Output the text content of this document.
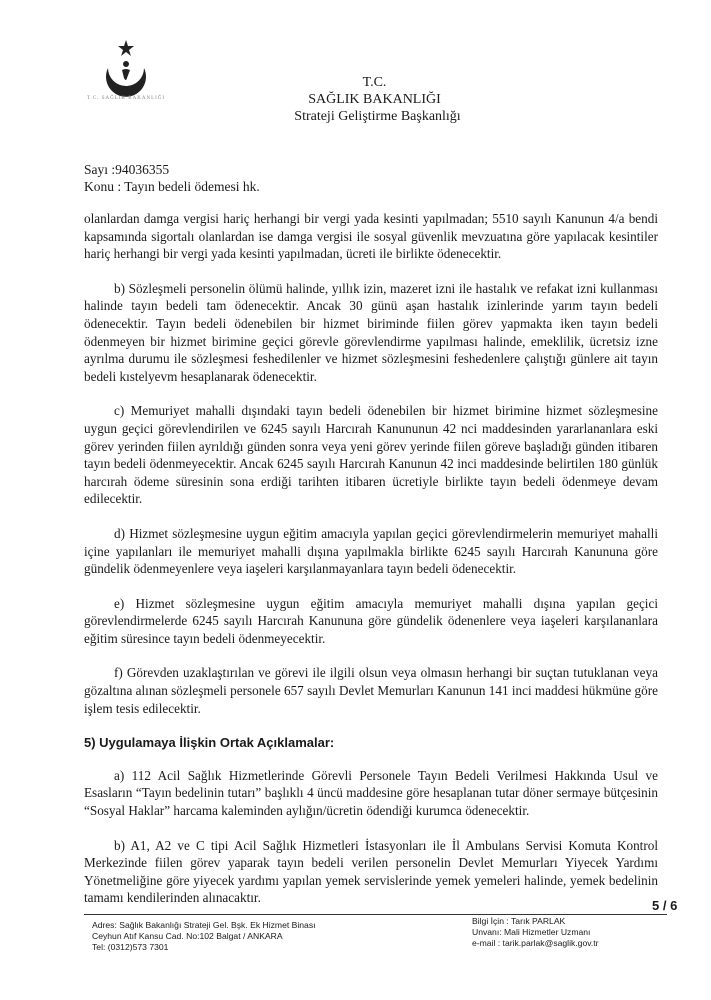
T.C. SAĞLIK BAKANLIĞI
T.C.
SAĞLIK BAKANLIĞI
Strateji Geliştirme Başkanlığı
Sayı :94036355
Konu : Tayın bedeli ödemesi hk.

olanlardan damga vergisi hariç herhangi bir vergi yada kesinti yapılmadan; 5510 sayılı Kanunun 4/a bendi kapsamında sigortalı olanlardan ise damga vergisi ile sosyal güvenlik mevzuatına göre yapılacak kesintiler hariç herhangi bir vergi yada kesinti yapılmadan, ücreti ile birlikte ödenecektir.

b) Sözleşmeli personelin ölümü halinde, yıllık izin, mazeret izni ile hastalık ve refakat izni kullanması halinde tayın bedeli tam ödenecektir. Ancak 30 günü aşan hastalık izinlerinde yarım tayın bedeli ödenecektir. Tayın bedeli ödenebilen bir hizmet biriminde fiilen görev yapmakta iken tayın bedeli ödenmeyen bir hizmet birimine geçici görevle görevlendirme yapılması halinde, emeklilik, ücretsiz izne ayrılma durumu ile sözleşmesi feshedilenler ve hizmet sözleşmesini feshedenlere çalıştığı günlere ait tayın bedeli kıstelyevm hesaplanarak ödenecektir.

c) Memuriyet mahalli dışındaki tayın bedeli ödenebilen bir hizmet birimine hizmet sözleşmesine uygun geçici görevlendirilen ve 6245 sayılı Harcırah Kanununun 42 nci maddesinden yararlananlara eski görev yerinden fiilen ayrıldığı günden sonra veya yeni görev yerinde fiilen göreve başladığı günden itibaren tayın bedeli ödenmeyecektir. Ancak 6245 sayılı Harcırah Kanunun 42 inci maddesinde belirtilen 180 günlük harcırah ödeme süresinin sona erdiği tarihten itibaren ücretiyle birlikte tayın bedeli ödenmeye devam edilecektir.

d) Hizmet sözleşmesine uygun eğitim amacıyla yapılan geçici görevlendirmelerin memuriyet mahalli içine yapılanları ile memuriyet mahalli dışına yapılmakla birlikte 6245 sayılı Harcırah Kanununa göre gündelik ödenmeyenlere veya iaşeleri karşılanmayanlara tayın bedeli ödenecektir.

e) Hizmet sözleşmesine uygun eğitim amacıyla memuriyet mahalli dışına yapılan geçici görevlendirmelerde 6245 sayılı Harcırah Kanununa göre gündelik ödenenlere veya iaşeleri karşılananlara eğitim süresince tayın bedeli ödenmeyecektir.

f) Görevden uzaklaştırılan ve görevi ile ilgili olsun veya olmasın herhangi bir suçtan tutuklanan veya gözaltına alınan sözleşmeli personele 657 sayılı Devlet Memurları Kanunun 141 inci maddesi hükmüne göre işlem tesis edilecektir.

5) Uygulamaya İlişkin Ortak Açıklamalar:

a) 112 Acil Sağlık Hizmetlerinde Görevli Personele Tayın Bedeli Verilmesi Hakkında Usul ve Esasların “Tayın bedelinin tutarı” başlıklı 4 üncü maddesine göre hesaplanan tutar döner sermaye bütçesinin “Sosyal Haklar” harcama kaleminden aylığın/ücretin ödendiği kurumca ödenecektir.

b) A1, A2 ve C tipi Acil Sağlık Hizmetleri İstasyonları ile İl Ambulans Servisi Komuta Kontrol Merkezinde fiilen görev yaparak tayın bedeli verilen personelin Devlet Memurları Yiyecek Yardımı Yönetmeliğine göre yiyecek yardımı yapılan yemek servislerinde yemek yemeleri halinde, yemek bedelinin tamamı kendilerinden alınacaktır.

5 / 6
Adres: Sağlık Bakanlığı Strateji Gel. Bşk. Ek Hizmet Binası
Ceyhun Atıf Kansu Cad. No:102 Balgat / ANKARA
Tel: (0312)573 7301
Bilgi İçin : Tarık PARLAK
Unvanı: Mali Hizmetler Uzmanı
e-mail : tarik.parlak@saglik.gov.tr
